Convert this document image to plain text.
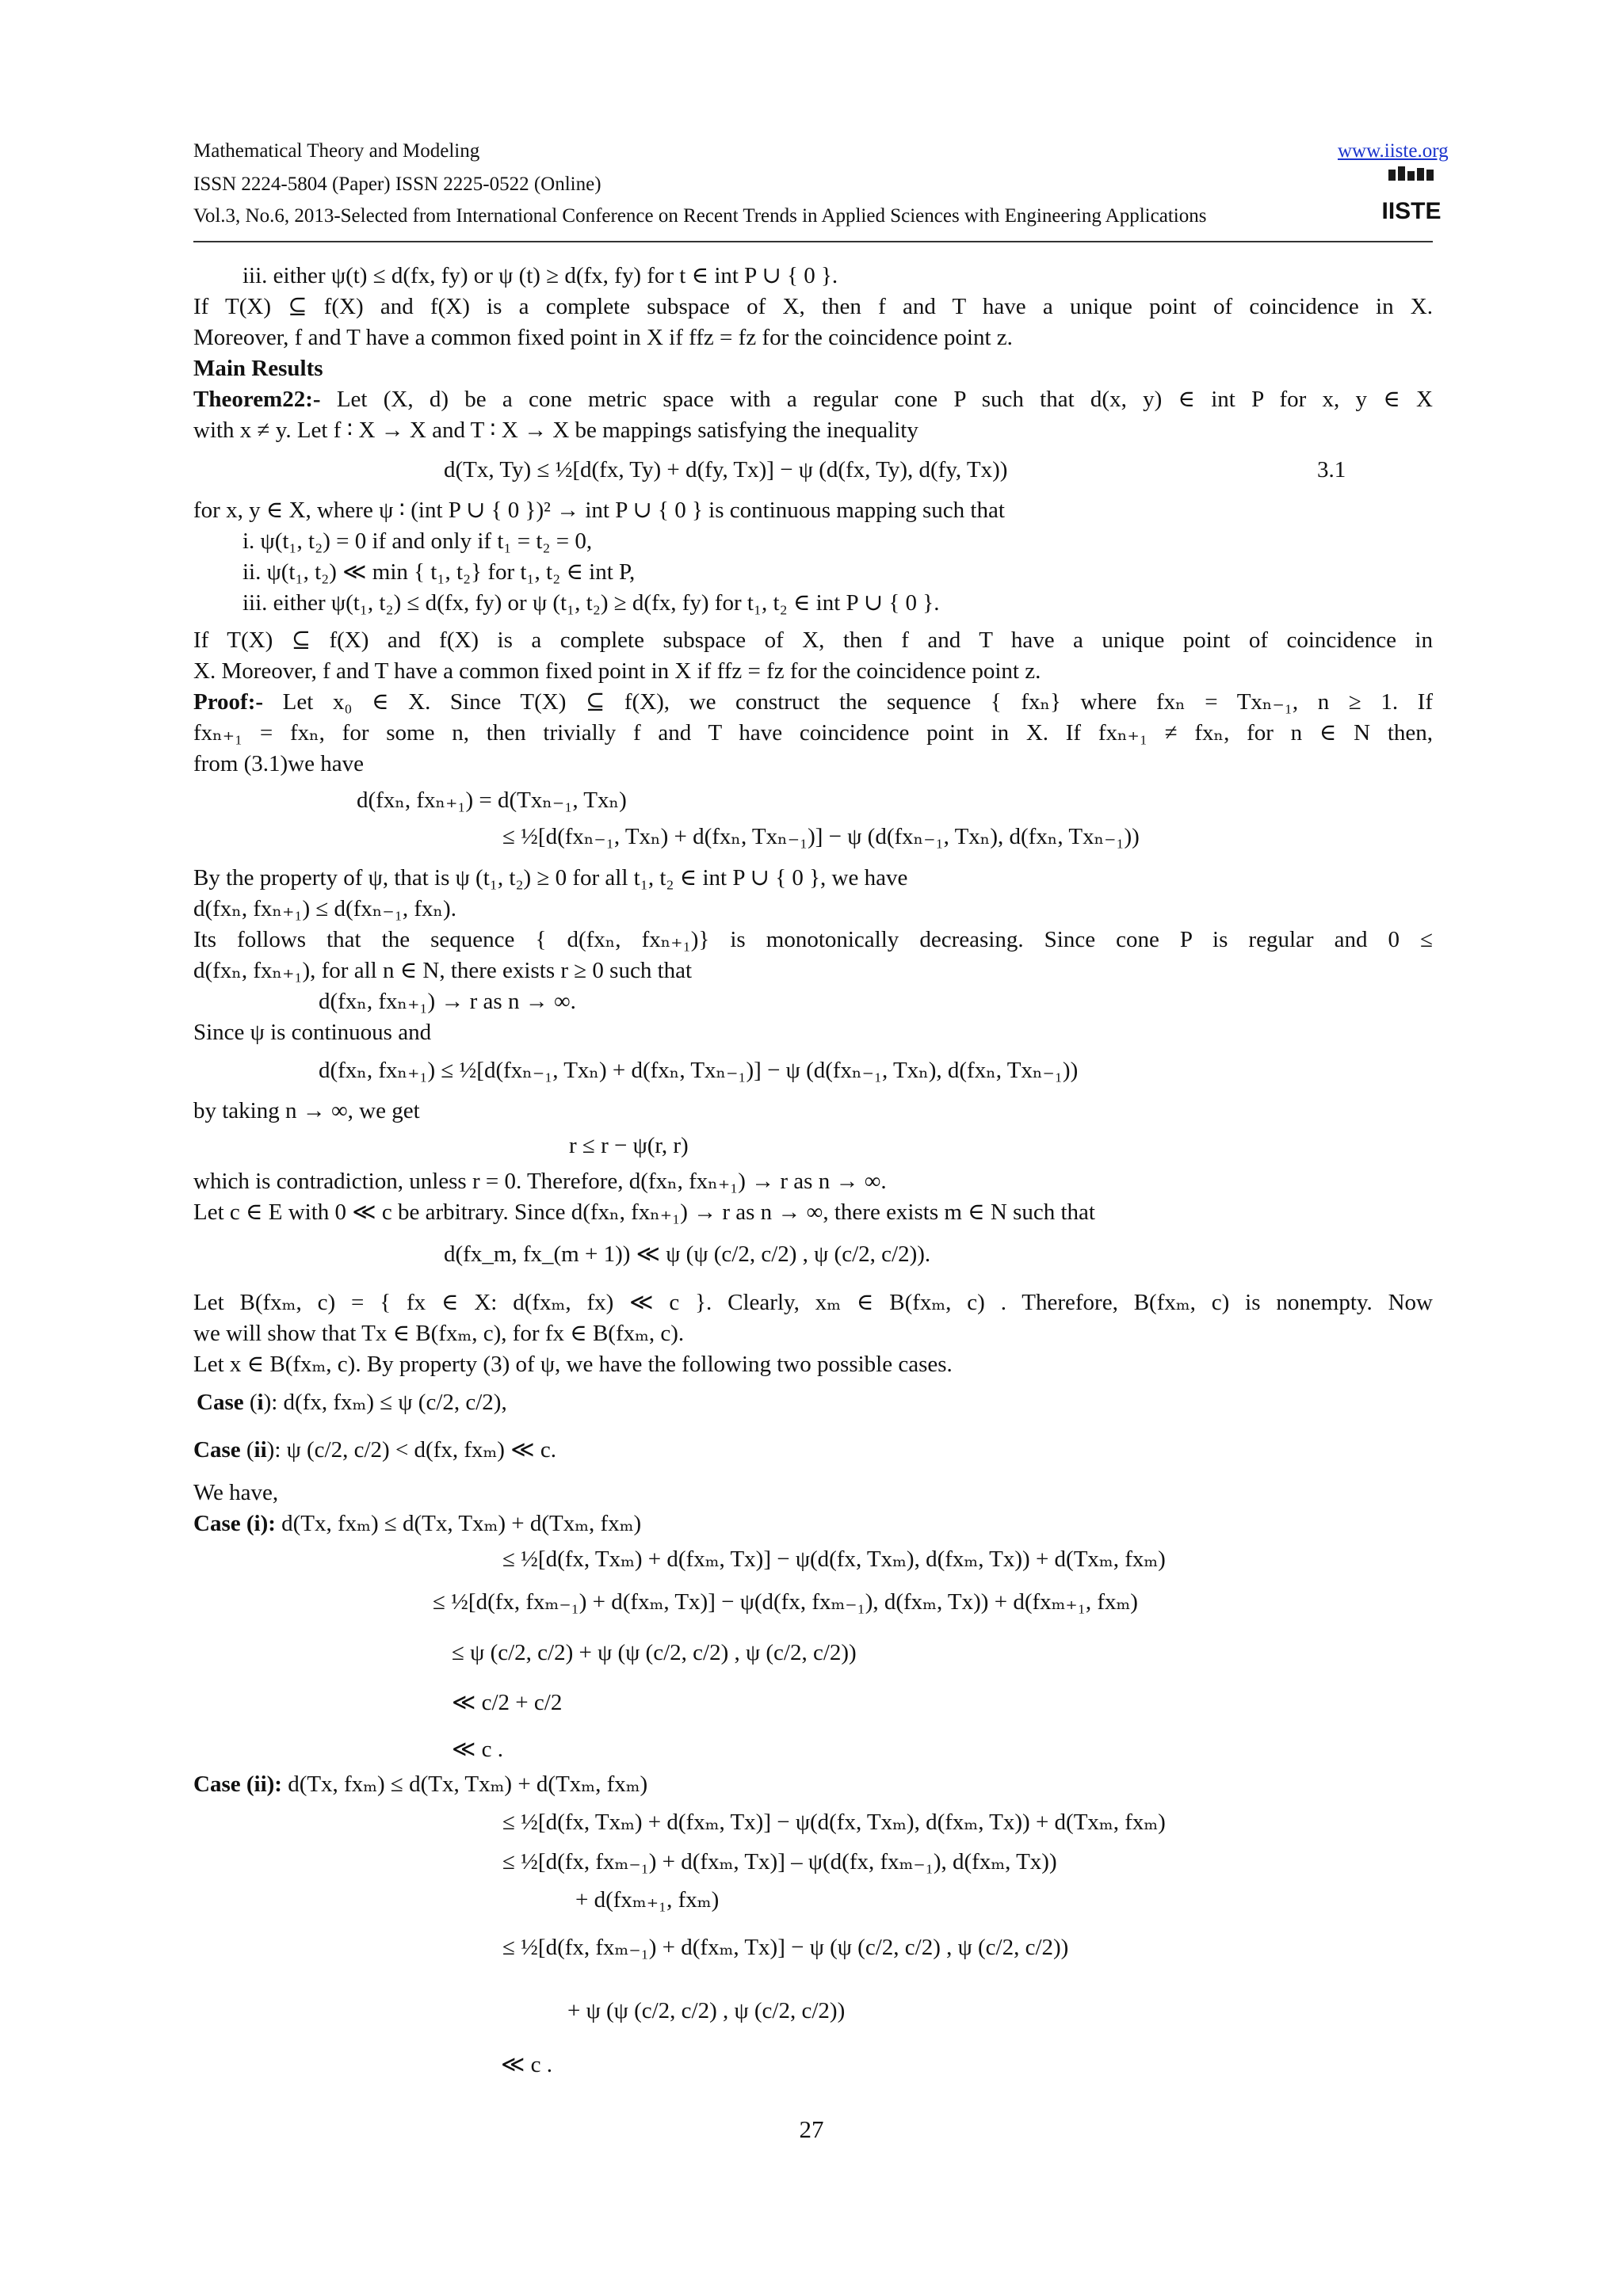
Mathematical Theory and Modeling	www.iiste.org
ISSN 2224-5804 (Paper) ISSN 2225-0522 (Online)
Vol.3, No.6, 2013-Selected from International Conference on Recent Trends in Applied Sciences with Engineering Applications	IISTE
iii. either ψ(t) ≤ d(fx, fy) or ψ (t) ≥ d(fx, fy) for t ∈ int P ∪ { 0 }.
If T(X) ⊆ f(X) and f(X) is a complete subspace of X, then f and T have a unique point of coincidence in X.
Moreover, f and T have a common fixed point in X if ffz = fz for the coincidence point z.
Main Results
Theorem22:- Let (X, d) be a cone metric space with a regular cone P such that d(x, y) ∈ int P for x, y ∈ X
with x ≠ y. Let f ∶ X → X and T ∶ X → X be mappings satisfying the inequality
d(Tx, Ty) ≤ ½[d(fx, Ty) + d(fy, Tx)] − ψ (d(fx, Ty), d(fy, Tx))	3.1
for x, y ∈ X, where ψ ∶ (int P ∪ { 0 })² → int P ∪ { 0 } is continuous mapping such that
i. ψ(t₁, t₂) = 0 if and only if t₁ = t₂ = 0,
ii. ψ(t₁, t₂) ≪ min { t₁, t₂} for t₁, t₂ ∈ int P,
iii. either ψ(t₁, t₂) ≤ d(fx, fy) or ψ (t₁, t₂) ≥ d(fx, fy) for t₁, t₂ ∈ int P ∪ { 0 }.
If T(X) ⊆ f(X) and f(X) is a complete subspace of X, then f and T have a unique point of coincidence in
X. Moreover, f and T have a common fixed point in X if ffz = fz for the coincidence point z.
Proof:- Let x₀ ∈ X. Since T(X) ⊆ f(X), we construct the sequence { fxₙ} where fxₙ = Txₙ₋₁, n ≥ 1. If
fxₙ₊₁ = fxₙ, for some n, then trivially f and T have coincidence point in X. If fxₙ₊₁ ≠ fxₙ, for n ∈ N then,
from (3.1)we have
d(fxₙ, fxₙ₊₁) = d(Txₙ₋₁, Txₙ)
≤ ½[d(fxₙ₋₁, Txₙ) + d(fxₙ, Txₙ₋₁)] − ψ (d(fxₙ₋₁, Txₙ), d(fxₙ, Txₙ₋₁))
By the property of ψ, that is ψ (t₁, t₂) ≥ 0 for all t₁, t₂ ∈ int P ∪ { 0 }, we have
d(fxₙ, fxₙ₊₁) ≤ d(fxₙ₋₁, fxₙ).
Its follows that the sequence { d(fxₙ, fxₙ₊₁)} is monotonically decreasing. Since cone P is regular and 0 ≤
d(fxₙ, fxₙ₊₁), for all n ∈ N, there exists r ≥ 0 such that
d(fxₙ, fxₙ₊₁) → r as n → ∞.
Since ψ is continuous and
d(fxₙ, fxₙ₊₁) ≤ ½[d(fxₙ₋₁, Txₙ) + d(fxₙ, Txₙ₋₁)] − ψ (d(fxₙ₋₁, Txₙ), d(fxₙ, Txₙ₋₁))
by taking n → ∞, we get
r ≤ r − ψ(r, r)
which is contradiction, unless r = 0. Therefore, d(fxₙ, fxₙ₊₁) → r as n → ∞.
Let c ∈ E with 0 ≪ c be arbitrary. Since d(fxₙ, fxₙ₊₁) → r as n → ∞, there exists m ∈ N such that
d(fx_m, fx_(m + 1)) ≪ ψ (ψ (c/2, c/2) , ψ (c/2, c/2)).
Let B(fxₘ, c) = { fx ∈ X: d(fxₘ, fx) ≪ c }. Clearly, xₘ ∈ B(fxₘ, c) . Therefore, B(fxₘ, c) is nonempty. Now
we will show that Tx ∈ B(fxₘ, c), for fx ∈ B(fxₘ, c).
Let x ∈ B(fxₘ, c). By property (3) of ψ, we have the following two possible cases.
Case (i): d(fx, fxₘ) ≤ ψ (c/2, c/2),
Case (ii): ψ (c/2, c/2) < d(fx, fxₘ) ≪ c.
We have,
Case (i): d(Tx, fxₘ) ≤ d(Tx, Txₘ) + d(Txₘ, fxₘ)
≤ ½[d(fx, Txₘ) + d(fxₘ, Tx)] − ψ(d(fx, Txₘ), d(fxₘ, Tx)) + d(Txₘ, fxₘ)
≤ ½[d(fx, fxₘ₋₁) + d(fxₘ, Tx)] − ψ(d(fx, fxₘ₋₁), d(fxₘ, Tx)) + d(fxₘ₊₁, fxₘ)
≤ ψ (c/2, c/2) + ψ (ψ (c/2, c/2) , ψ (c/2, c/2))
≪ c/2 + c/2
≪ c .
Case (ii): d(Tx, fxₘ) ≤ d(Tx, Txₘ) + d(Txₘ, fxₘ)
≤ ½[d(fx, Txₘ) + d(fxₘ, Tx)] − ψ(d(fx, Txₘ), d(fxₘ, Tx)) + d(Txₘ, fxₘ)
≤ ½[d(fx, fxₘ₋₁) + d(fxₘ, Tx)] – ψ(d(fx, fxₘ₋₁), d(fxₘ, Tx))
+ d(fxₘ₊₁, fxₘ)
≤ ½[d(fx, fxₘ₋₁) + d(fxₘ, Tx)] − ψ (ψ (c/2, c/2) , ψ (c/2, c/2))
+ ψ (ψ (c/2, c/2) , ψ (c/2, c/2))
≪ c .
27
